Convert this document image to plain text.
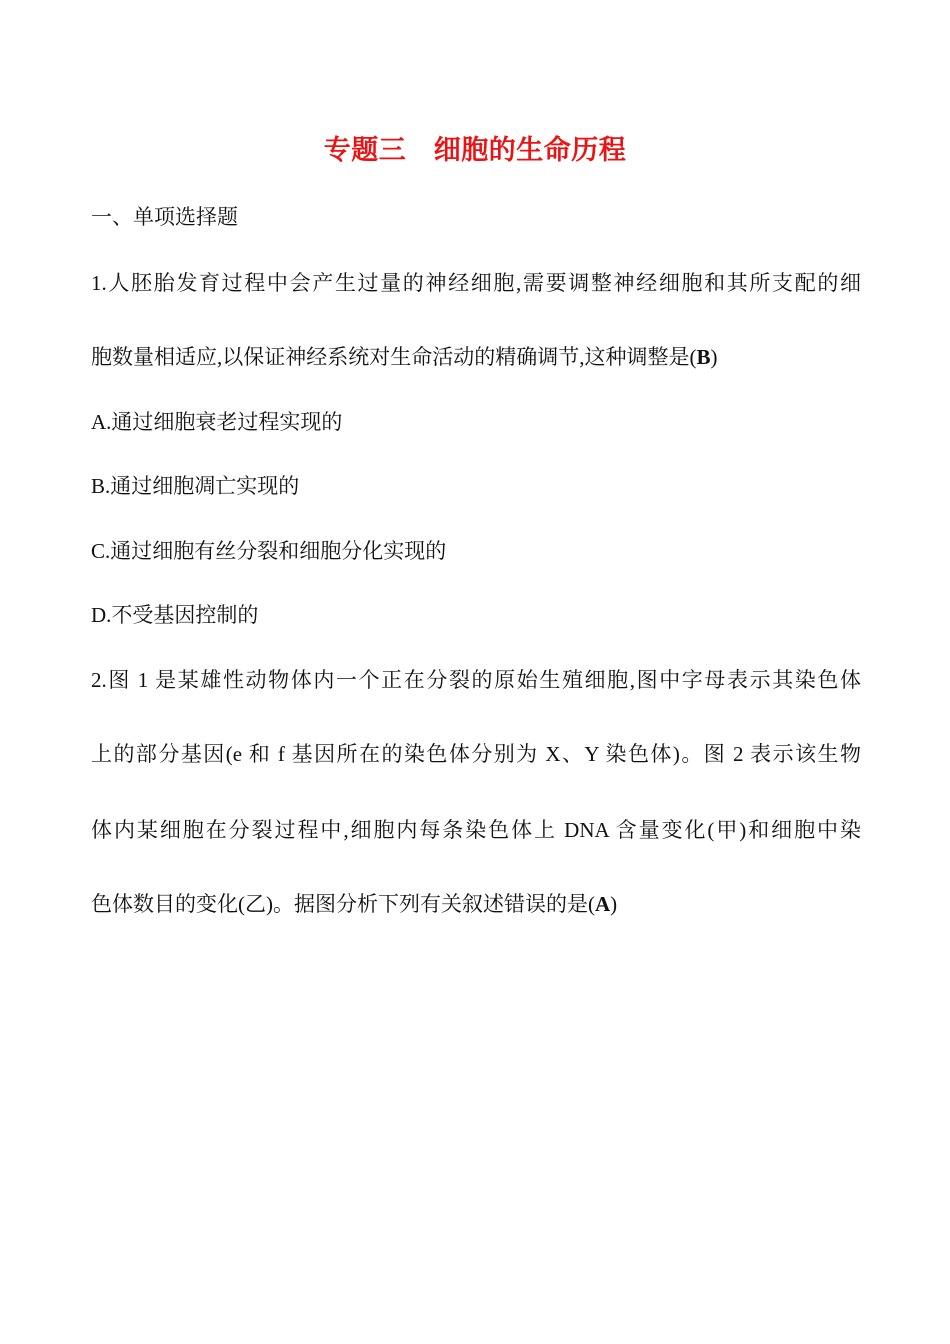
专题三　细胞的生命历程
一、单项选择题
1.人胚胎发育过程中会产生过量的神经细胞,需要调整神经细胞和其所支配的细
胞数量相适应,以保证神经系统对生命活动的精确调节,这种调整是(B)
A.通过细胞衰老过程实现的
B.通过细胞凋亡实现的
C.通过细胞有丝分裂和细胞分化实现的
D.不受基因控制的
2.图 1 是某雄性动物体内一个正在分裂的原始生殖细胞,图中字母表示其染色体
上的部分基因(e 和 f 基因所在的染色体分别为 X、Y 染色体)。图 2 表示该生物
体内某细胞在分裂过程中,细胞内每条染色体上 DNA 含量变化(甲)和细胞中染
色体数目的变化(乙)。据图分析下列有关叙述错误的是(A)
